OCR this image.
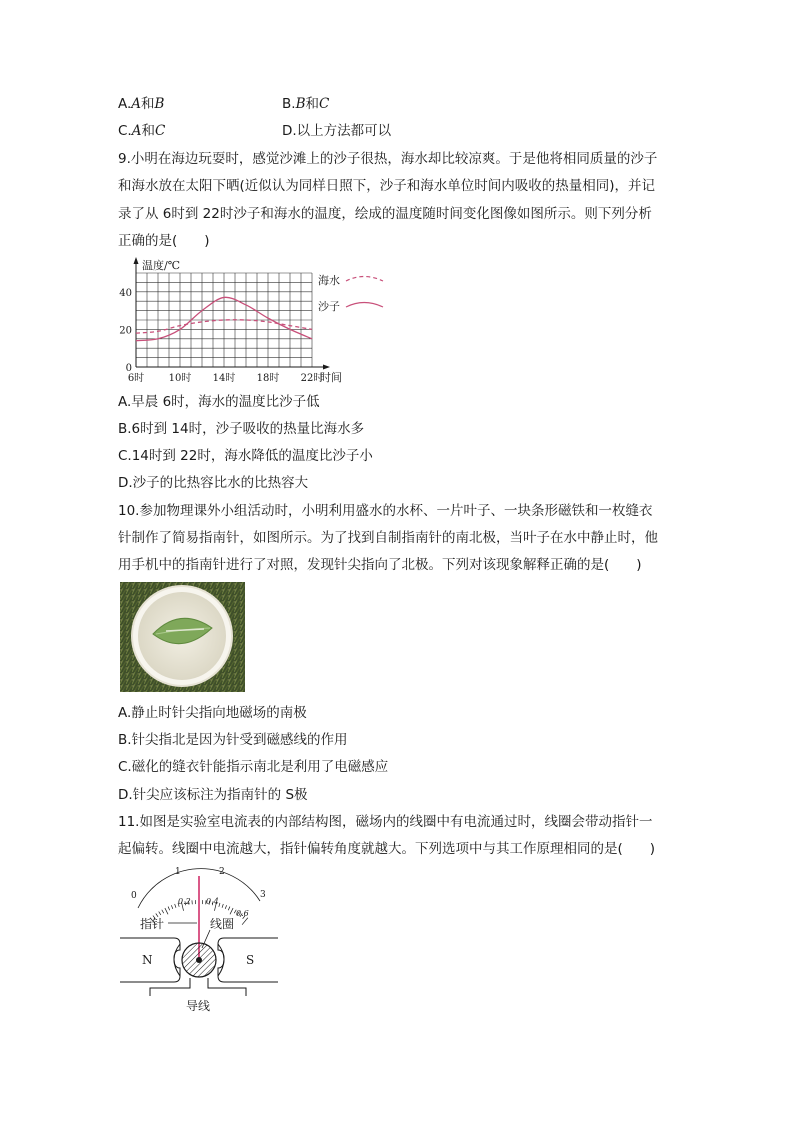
A.A和B	B.B和C
C.A和C	D.以上方法都可以
9.小明在海边玩耍时，感觉沙滩上的沙子很热，海水却比较凉爽。于是他将相同质量的沙子
和海水放在太阳下晒(近似认为同样日照下，沙子和海水单位时间内吸收的热量相同)，并记
录了从 6时到 22时沙子和海水的温度，绘成的温度随时间变化图像如图所示。则下列分析
正确的是(　　)
0
20
40
6时 10时 14时 18时 22时
温度/℃
时间
海水
沙子
A.早晨 6时，海水的温度比沙子低
B.6时到 14时，沙子吸收的热量比海水多
C.14时到 22时，海水降低的温度比沙子小
D.沙子的比热容比水的比热容大
10.参加物理课外小组活动时，小明利用盛水的水杯、一片叶子、一块条形磁铁和一枚缝衣
针制作了简易指南针，如图所示。为了找到自制指南针的南北极，当叶子在水中静止时，他
用手机中的指南针进行了对照，发现针尖指向了北极。下列对该现象解释正确的是(　　)
A.静止时针尖指向地磁场的南极
B.针尖指北是因为针受到磁感线的作用
C.磁化的缝衣针能指示南北是利用了电磁感应
D.针尖应该标注为指南针的 S极
11.如图是实验室电流表的内部结构图，磁场内的线圈中有电流通过时，线圈会带动指针一
起偏转。线圈中电流越大，指针偏转角度就越大。下列选项中与其工作原理相同的是(　　)
0
1	2
3
0.2 0.4
0.6
指针	线圈
N	S
导线
